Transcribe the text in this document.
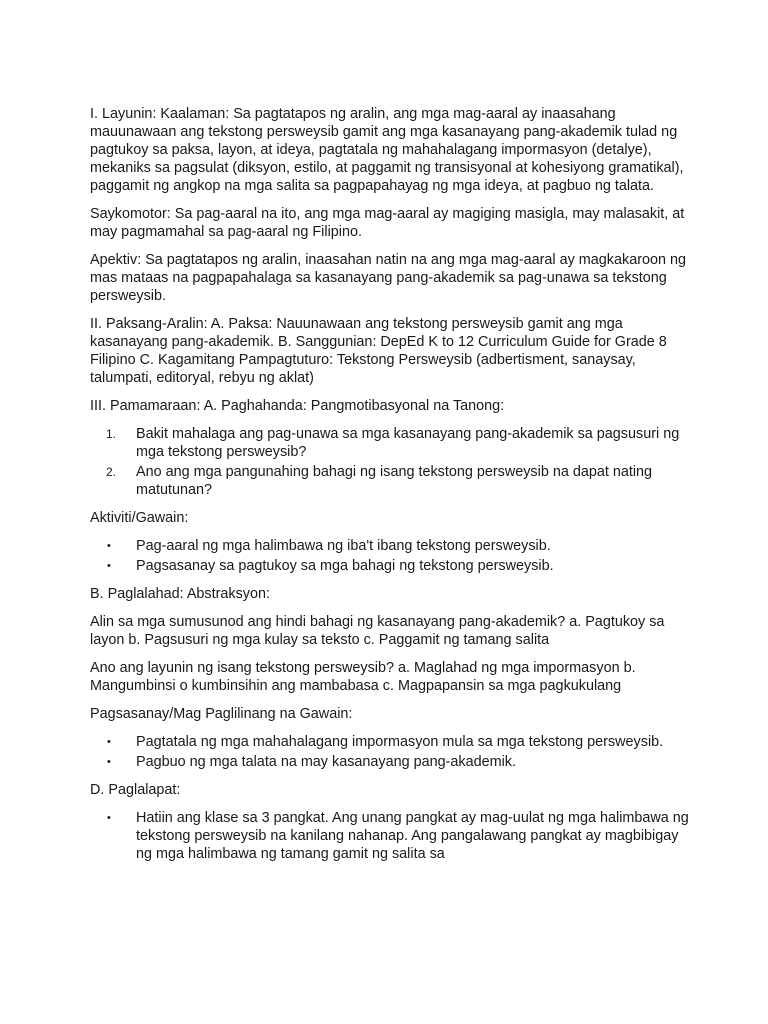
I. Layunin: Kaalaman: Sa pagtatapos ng aralin, ang mga mag-aaral ay inaasahang mauunawaan ang tekstong persweysib gamit ang mga kasanayang pang-akademik tulad ng pagtukoy sa paksa, layon, at ideya, pagtatala ng mahahalagang impormasyon (detalye), mekaniks sa pagsulat (diksyon, estilo, at paggamit ng transisyonal at kohesiyong gramatikal), paggamit ng angkop na mga salita sa pagpapahayag ng mga ideya, at pagbuo ng talata.

Saykomotor: Sa pag-aaral na ito, ang mga mag-aaral ay magiging masigla, may malasakit, at may pagmamahal sa pag-aaral ng Filipino.

Apektiv: Sa pagtatapos ng aralin, inaasahan natin na ang mga mag-aaral ay magkakaroon ng mas mataas na pagpapahalaga sa kasanayang pang-akademik sa pag-unawa sa tekstong persweysib.

II. Paksang-Aralin: A. Paksa: Nauunawaan ang tekstong persweysib gamit ang mga kasanayang pang-akademik. B. Sanggunian: DepEd K to 12 Curriculum Guide for Grade 8 Filipino C. Kagamitang Pampagtuturo: Tekstong Persweysib (adbertisment, sanaysay, talumpati, editoryal, rebyu ng aklat)

III. Pamamaraan: A. Paghahanda: Pangmotibasyonal na Tanong:

1. Bakit mahalaga ang pag-unawa sa mga kasanayang pang-akademik sa pagsusuri ng mga tekstong persweysib?
2. Ano ang mga pangunahing bahagi ng isang tekstong persweysib na dapat nating matutunan?

Aktiviti/Gawain:

• Pag-aaral ng mga halimbawa ng iba't ibang tekstong persweysib.
• Pagsasanay sa pagtukoy sa mga bahagi ng tekstong persweysib.

B. Paglalahad: Abstraksyon:

Alin sa mga sumusunod ang hindi bahagi ng kasanayang pang-akademik? a. Pagtukoy sa layon b. Pagsusuri ng mga kulay sa teksto c. Paggamit ng tamang salita

Ano ang layunin ng isang tekstong persweysib? a. Maglahad ng mga impormasyon b. Mangumbinsi o kumbinsihin ang mambabasa c. Magpapansin sa mga pagkukulang

Pagsasanay/Mag Paglilinang na Gawain:

• Pagtatala ng mga mahahalagang impormasyon mula sa mga tekstong persweysib.
• Pagbuo ng mga talata na may kasanayang pang-akademik.

D. Paglalapat:

• Hatiin ang klase sa 3 pangkat. Ang unang pangkat ay mag-uulat ng mga halimbawa ng tekstong persweysib na kanilang nahanap. Ang pangalawang pangkat ay magbibigay ng mga halimbawa ng tamang gamit ng salita sa
